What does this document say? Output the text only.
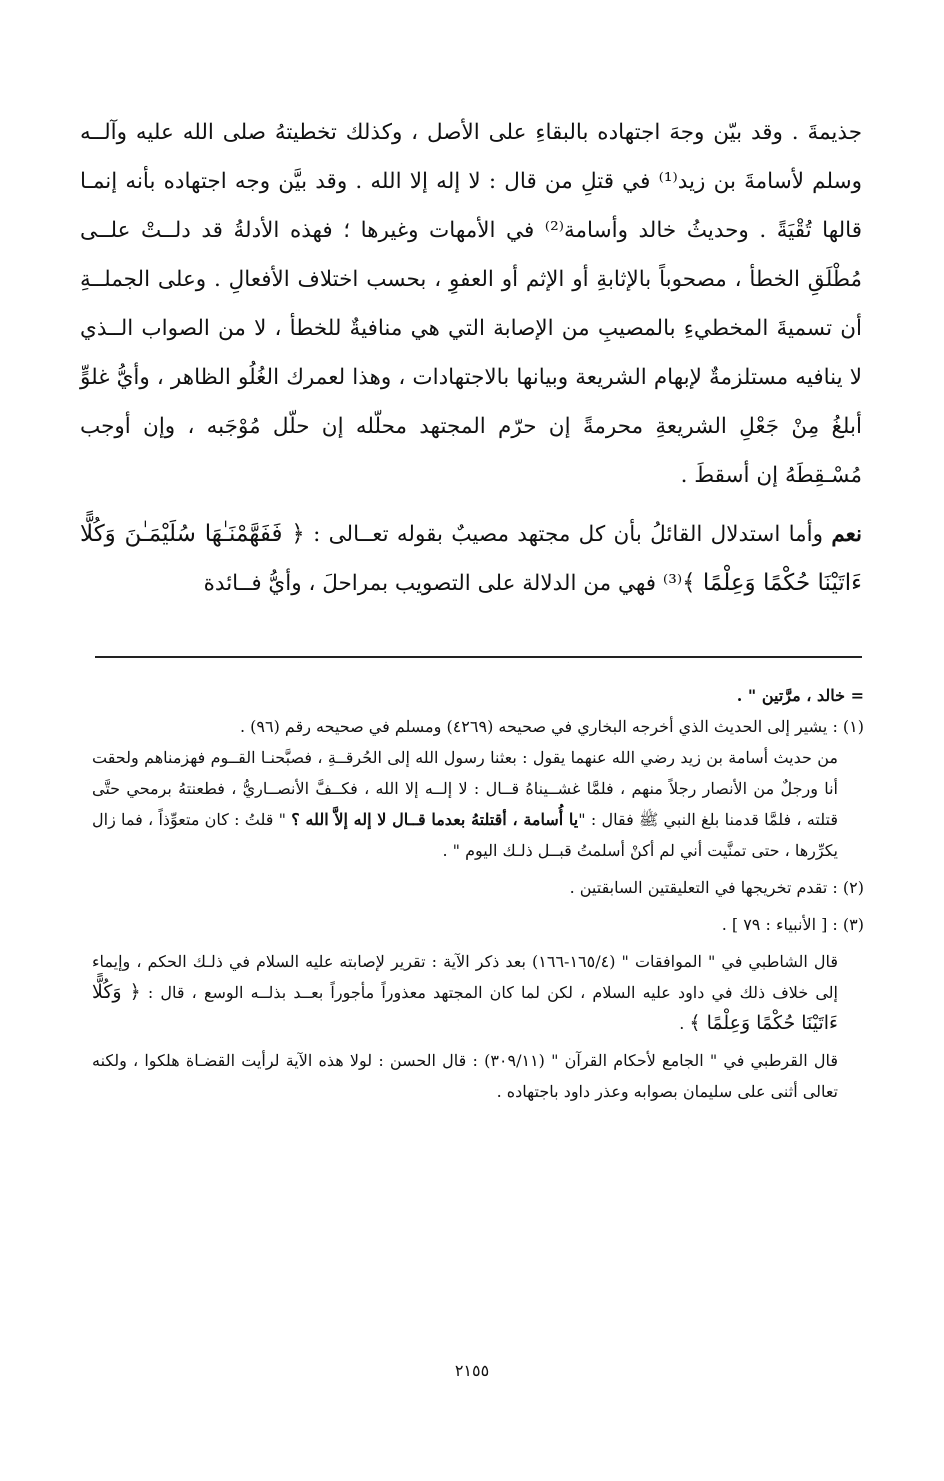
جذيمةَ . وقد بيّن وجهَ اجتهاده بالبقاءِ على الأصل ، وكذلك تخطيتهُ صلى الله عليه وآلــه وسلم لأسامةَ بن زيد⁽¹⁾ في قتلِ من قال : لا إله إلا الله . وقد بيَّن وجه اجتهاده بأنه إنمـا قالها تُقْيَةً . وحديثُ خالد وأسامة⁽²⁾ في الأمهات وغيرها ؛ فهذه الأدلةُ قد دلــتْ علــى مُطْلَقِ الخطأ ، مصحوباً بالإثابةِ أو الإثم أو العفوِ ، بحسب اختلاف الأفعالِ . وعلى الجملــةِ أن تسميةَ المخطيءِ بالمصيبِ من الإصابة التي هي منافيةٌ للخطأ ، لا من الصواب الــذي لا ينافيه مستلزمةٌ لإبهام الشريعة وبيانها بالاجتهادات ، وهذا لعمرك الغُلُو الظاهر ، وأيُّ غلوٍّ أبلغُ مِنْ جَعْلِ الشريعةِ محرمةً إن حرّم المجتهد محلّله إن حلّل مُوْجَبه ، وإن أوجب مُسْـقِطَهُ إن أسقطَ .

نعم وأما استدلال القائلُ بأن كل مجتهد مصيبٌ بقوله تعــالى : ﴿ فَفَهَّمْنَـٰهَا سُلَيْمَـٰنَ وَكُلًّا ءَاتَيْنَا حُكْمًا وَعِلْمًا ﴾⁽³⁾ فهي من الدلالة على التصويب بمراحلَ ، وأيُّ فــائدة

= خالد ، مرَّتين " .

(١) : يشير إلى الحديث الذي أخرجه البخاري في صحيحه (٤٢٦٩) ومسلم في صحيحه رقم (٩٦) .

من حديث أسامة بن زيد رضي الله عنهما يقول : بعثنا رسول الله إلى الحُرقــةِ ، فصبَّحنـا القــوم فهزمناهم ولحقت أنا ورجلٌ من الأنصار رجلاً منهم ، فلمَّا غشــيناهُ قــال : لا إلــه إلا الله ، فكــفَّ الأنصــاريُّ ، فطعنتهُ برمحي حتَّى قتلته ، فلمَّا قدمنا بلغ النبي ﷺ فقال : "يا أُسامة ، أقتلتهُ بعدما قــال لا إله إلاَّ الله ؟ " قلتُ : كان متعوِّذاً ، فما زال يكرِّرها ، حتى تمنَّيت أني لم أكنْ أسلمتُ قبــل ذلـك اليوم " .

(٢) : تقدم تخريجها في التعليقتين السابقتين .

(٣) : [ الأنبياء : ٧٩ ] .

قال الشاطبي في " الموافقات " (١٦٥/٤-١٦٦) بعد ذكر الآية : تقرير لإصابته عليه السلام في ذلـك الحكم ، وإيماء إلى خلاف ذلك في داود عليه السلام ، لكن لما كان المجتهد معذوراً مأجوراً بعــد بذلــه الوسع ، قال : ﴿ وَكُلًّا ءَاتَيْنَا حُكْمًا وَعِلْمًا ﴾ .

قال القرطبي في " الجامع لأحكام القرآن " (٣٠٩/١١) : قال الحسن : لولا هذه الآية لرأيت القضـاة هلكوا ، ولكنه تعالى أثنى على سليمان بصوابه وعذر داود باجتهاده .

٢١٥٥
